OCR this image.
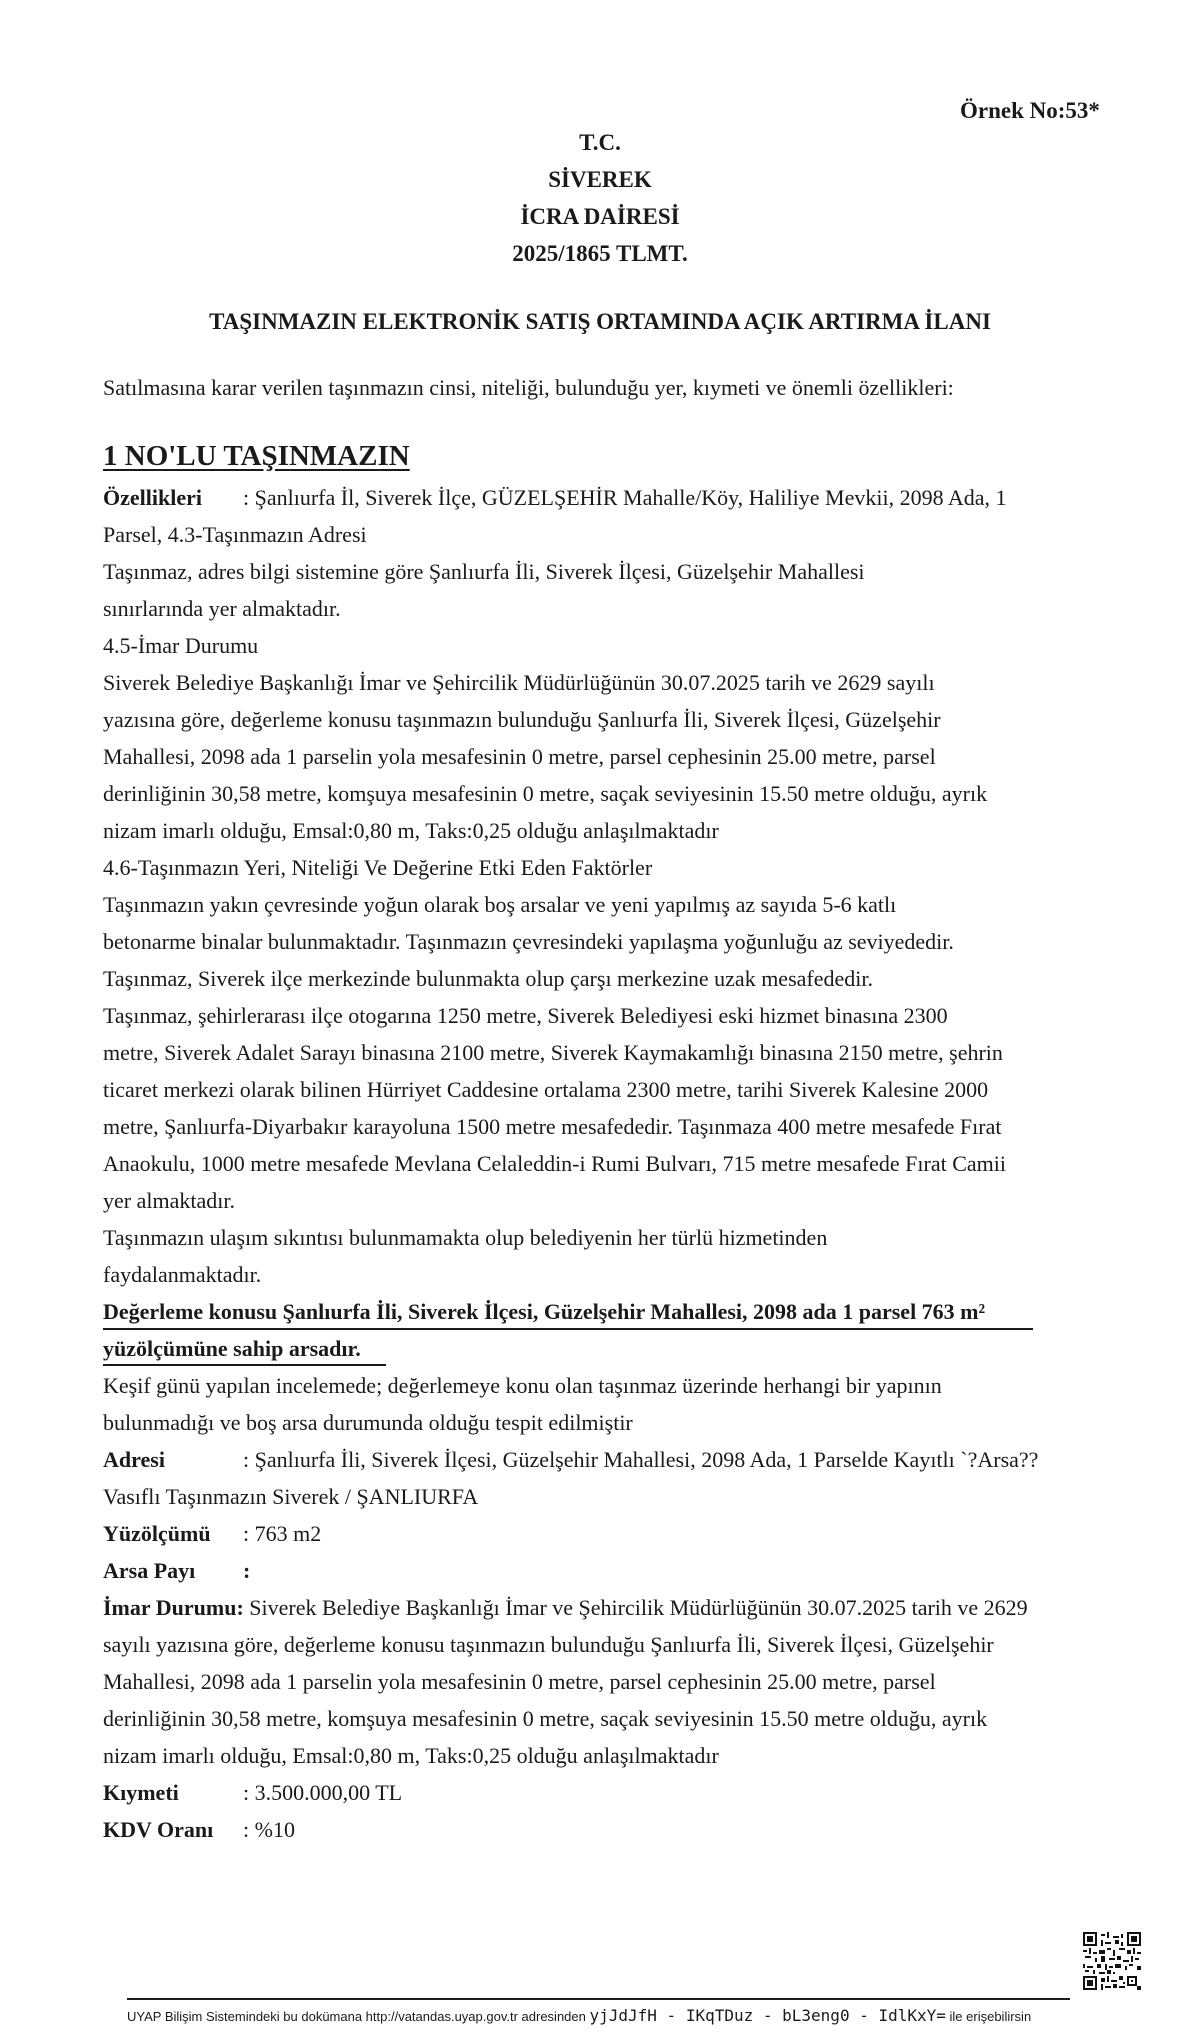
Örnek No:53*
T.C.
SİVEREK
İCRA DAİRESİ
2025/1865 TLMT.
TAŞINMAZIN ELEKTRONİK SATIŞ ORTAMINDA AÇIK ARTIRMA İLANI
Satılmasına karar verilen taşınmazın cinsi, niteliği, bulunduğu yer, kıymeti ve önemli özellikleri:
1 NO'LU TAŞINMAZIN
Özellikleri : Şanlıurfa İl, Siverek İlçe, GÜZELŞEHİR Mahalle/Köy, Haliliye Mevkii, 2098 Ada, 1
Parsel, 4.3-Taşınmazın Adresi
Taşınmaz, adres bilgi sistemine göre Şanlıurfa İli, Siverek İlçesi, Güzelşehir Mahallesi
sınırlarında yer almaktadır.
4.5-İmar Durumu
Siverek Belediye Başkanlığı İmar ve Şehircilik Müdürlüğünün 30.07.2025 tarih ve 2629 sayılı
yazısına göre, değerleme konusu taşınmazın bulunduğu Şanlıurfa İli, Siverek İlçesi, Güzelşehir
Mahallesi, 2098 ada 1 parselin yola mesafesinin 0 metre, parsel cephesinin 25.00 metre, parsel
derinliğinin 30,58 metre, komşuya mesafesinin 0 metre, saçak seviyesinin 15.50 metre olduğu, ayrık
nizam imarlı olduğu, Emsal:0,80 m, Taks:0,25 olduğu anlaşılmaktadır
4.6-Taşınmazın Yeri, Niteliği Ve Değerine Etki Eden Faktörler
Taşınmazın yakın çevresinde yoğun olarak boş arsalar ve yeni yapılmış az sayıda 5-6 katlı
betonarme binalar bulunmaktadır. Taşınmazın çevresindeki yapılaşma yoğunluğu az seviyededir.
Taşınmaz, Siverek ilçe merkezinde bulunmakta olup çarşı merkezine uzak mesafededir.
Taşınmaz, şehirlerarası ilçe otogarına 1250 metre, Siverek Belediyesi eski hizmet binasına 2300
metre, Siverek Adalet Sarayı binasına 2100 metre, Siverek Kaymakamlığı binasına 2150 metre, şehrin
ticaret merkezi olarak bilinen Hürriyet Caddesine ortalama 2300 metre, tarihi Siverek Kalesine 2000
metre, Şanlıurfa-Diyarbakır karayoluna 1500 metre mesafededir. Taşınmaza 400 metre mesafede Fırat
Anaokulu, 1000 metre mesafede Mevlana Celaleddin-i Rumi Bulvarı, 715 metre mesafede Fırat Camii
yer almaktadır.
Taşınmazın ulaşım sıkıntısı bulunmamakta olup belediyenin her türlü hizmetinden
faydalanmaktadır.
Değerleme konusu Şanlıurfa İli, Siverek İlçesi, Güzelşehir Mahallesi, 2098 ada 1 parsel 763 m²
yüzölçümüne sahip arsadır.
Keşif günü yapılan incelemede; değerlemeye konu olan taşınmaz üzerinde herhangi bir yapının
bulunmadığı ve boş arsa durumunda olduğu tespit edilmiştir
Adresi	: Şanlıurfa İli, Siverek İlçesi, Güzelşehir Mahallesi, 2098 Ada, 1 Parselde Kayıtlı `?Arsa??
Vasıflı Taşınmazın Siverek / ŞANLIURFA
Yüzölçümü : 763 m2
Arsa Payı :
İmar Durumu: Siverek Belediye Başkanlığı İmar ve Şehircilik Müdürlüğünün 30.07.2025 tarih ve 2629
sayılı yazısına göre, değerleme konusu taşınmazın bulunduğu Şanlıurfa İli, Siverek İlçesi, Güzelşehir
Mahallesi, 2098 ada 1 parselin yola mesafesinin 0 metre, parsel cephesinin 25.00 metre, parsel
derinliğinin 30,58 metre, komşuya mesafesinin 0 metre, saçak seviyesinin 15.50 metre olduğu, ayrık
nizam imarlı olduğu, Emsal:0,80 m, Taks:0,25 olduğu anlaşılmaktadır
Kıymeti	: 3.500.000,00 TL
KDV Oranı : %10
UYAP Bilişim Sistemindeki bu dokümana http://vatandas.uyap.gov.tr adresinden yjJdJfH - IKqTDuz - bL3eng0 - IdlKxY= ile erişebilirsin
